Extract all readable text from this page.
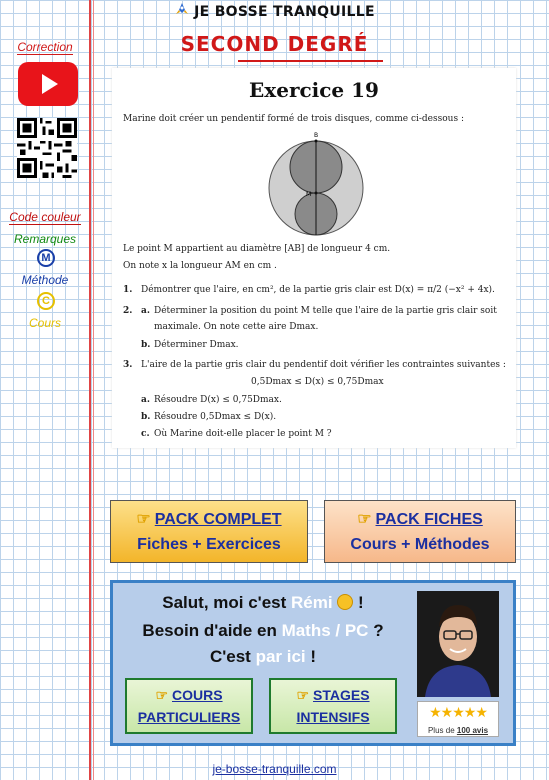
JE BOSSE TRANQUILLE
SECOND DEGRÉ
Correction
Code couleur
Remarques
M
Méthode
C
Cours
Exercice 19
Marine doit créer un pendentif formé de trois disques, comme ci-dessous :
B
M
Le point M appartient au diamètre [AB] de longueur 4 cm.
On note x la longueur AM en cm .
1. Démontrer que l'aire, en cm², de la partie gris clair est D(x) = π/2 (−x² + 4x).
2. a. Déterminer la position du point M telle que l'aire de la partie gris clair soit
maximale. On note cette aire Dmax.
b. Déterminer Dmax.
3. L'aire de la partie gris clair du pendentif doit vérifier les contraintes suivantes :
0,5Dmax ≤ D(x) ≤ 0,75Dmax
a. Résoudre D(x) ≤ 0,75Dmax.
b. Résoudre 0,5Dmax ≤ D(x).
c. Où Marine doit-elle placer le point M ?
☞ PACK COMPLET
Fiches + Exercices
☞ PACK FICHES
Cours + Méthodes
Salut, moi c'est Rémi  !
Besoin d'aide en Maths / PC ?
C'est par ici !
☞ COURS
PARTICULIERS
☞ STAGES
INTENSIFS	★★★★★
Plus de 100 avis
je-bosse-tranquille.com
